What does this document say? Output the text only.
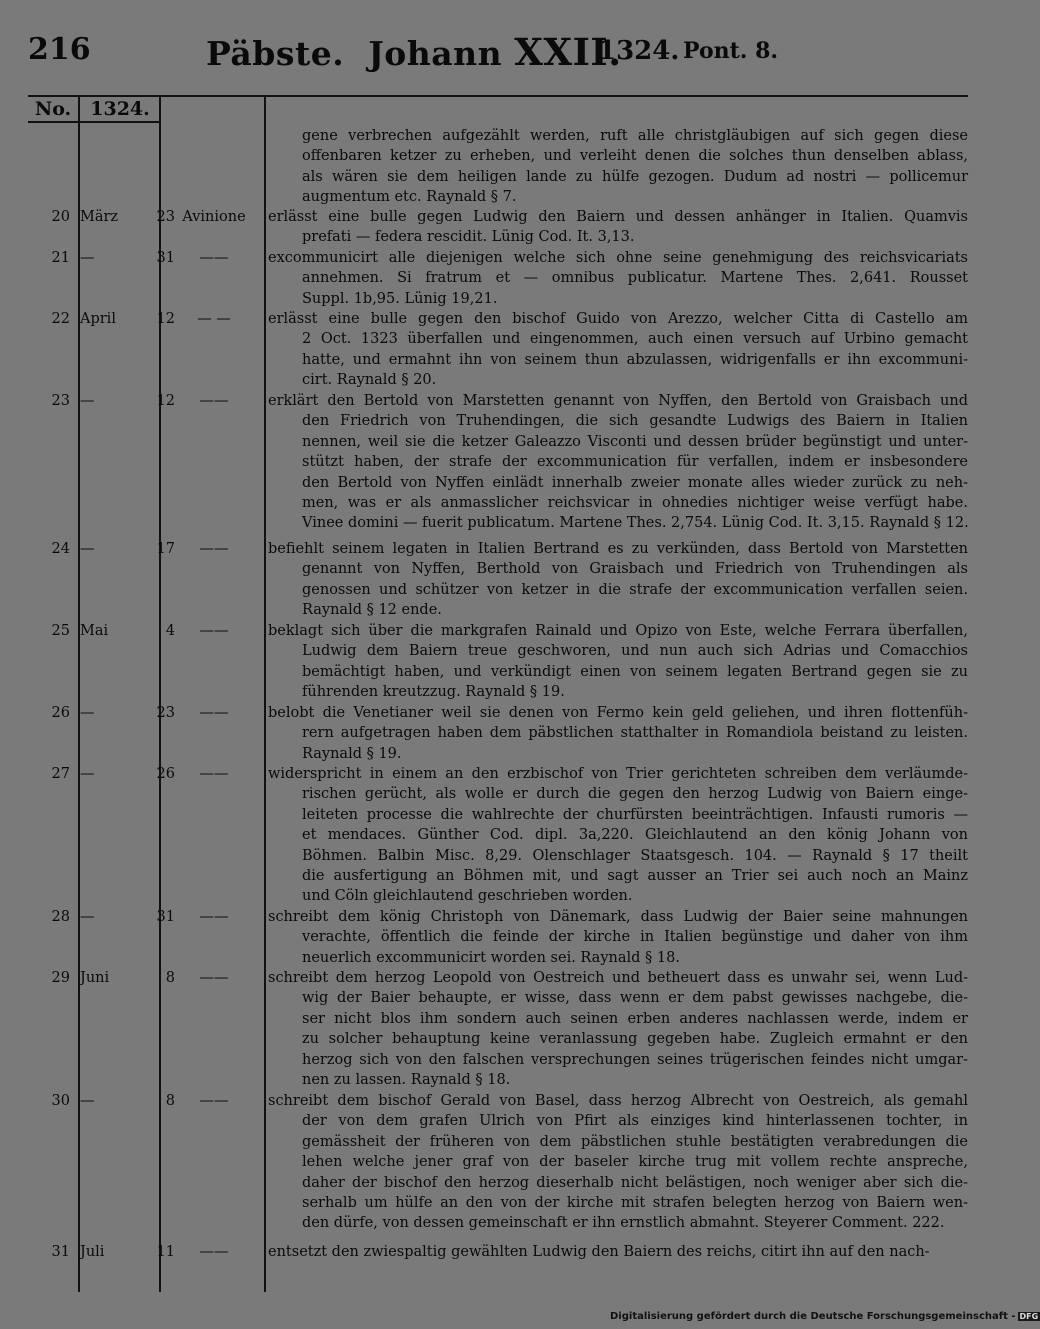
216	Päbste. Johann XXII.
1324. Pont. 8.
No.	1324.
gene verbrechen aufgezählt werden, ruft alle christgläubigen auf sich gegen diese
offenbaren ketzer zu erheben, und verleiht denen die solches thun denselben ablass,
als wären sie dem heiligen lande zu hülfe gezogen. Dudum ad nostri — pollicemur
augmentum etc. Raynald § 7.
20 März	23 Avinione	erlässt eine bulle gegen Ludwig den Baiern und dessen anhänger in Italien. Quamvis
prefati — federa rescidit. Lünig Cod. It. 3,13.
21 —	31	——	excommunicirt alle diejenigen welche sich ohne seine genehmigung des reichsvicariats
annehmen. Si fratrum et — omnibus publicatur. Martene Thes. 2,641. Rousset
Suppl. 1b,95. Lünig 19,21.
22 April	12	— —	erlässt eine bulle gegen den bischof Guido von Arezzo, welcher Citta di Castello am
2 Oct. 1323 überfallen und eingenommen, auch einen versuch auf Urbino gemacht
hatte, und ermahnt ihn von seinem thun abzulassen, widrigenfalls er ihn excommuni-
cirt. Raynald § 20.
23 —	12	——	erklärt den Bertold von Marstetten genannt von Nyffen, den Bertold von Graisbach und
den Friedrich von Truhendingen, die sich gesandte Ludwigs des Baiern in Italien
nennen, weil sie die ketzer Galeazzo Visconti und dessen brüder begünstigt und unter-
stützt haben, der strafe der excommunication für verfallen, indem er insbesondere
den Bertold von Nyffen einlädt innerhalb zweier monate alles wieder zurück zu neh-
men, was er als anmasslicher reichsvicar in ohnedies nichtiger weise verfügt habe.
Vinee domini — fuerit publicatum. Martene Thes. 2,754. Lünig Cod. It. 3,15. Raynald § 12.
24 —	17	——	befiehlt seinem legaten in Italien Bertrand es zu verkünden, dass Bertold von Marstetten
genannt von Nyffen, Berthold von Graisbach und Friedrich von Truhendingen als
genossen und schützer von ketzer in die strafe der excommunication verfallen seien.
Raynald § 12 ende.
25 Mai	4	——	beklagt sich über die markgrafen Rainald und Opizo von Este, welche Ferrara überfallen,
Ludwig dem Baiern treue geschworen, und nun auch sich Adrias und Comacchios
bemächtigt haben, und verkündigt einen von seinem legaten Bertrand gegen sie zu
führenden kreutzzug. Raynald § 19.
26 —	23	——	belobt die Venetianer weil sie denen von Fermo kein geld geliehen, und ihren flottenfüh-
rern aufgetragen haben dem päbstlichen statthalter in Romandiola beistand zu leisten.
Raynald § 19.
27 —	26	——	widerspricht in einem an den erzbischof von Trier gerichteten schreiben dem verläumde-
rischen gerücht, als wolle er durch die gegen den herzog Ludwig von Baiern einge-
leiteten processe die wahlrechte der churfürsten beeinträchtigen. Infausti rumoris —
et mendaces. Günther Cod. dipl. 3a,220. Gleichlautend an den könig Johann von
Böhmen. Balbin Misc. 8,29. Olenschlager Staatsgesch. 104. — Raynald § 17 theilt
die ausfertigung an Böhmen mit, und sagt ausser an Trier sei auch noch an Mainz
und Cöln gleichlautend geschrieben worden.
28 —	31	——	schreibt dem könig Christoph von Dänemark, dass Ludwig der Baier seine mahnungen
verachte, öffentlich die feinde der kirche in Italien begünstige und daher von ihm
neuerlich excommunicirt worden sei. Raynald § 18.
29 Juni	8	——	schreibt dem herzog Leopold von Oestreich und betheuert dass es unwahr sei, wenn Lud-
wig der Baier behaupte, er wisse, dass wenn er dem pabst gewisses nachgebe, die-
ser nicht blos ihm sondern auch seinen erben anderes nachlassen werde, indem er
zu solcher behauptung keine veranlassung gegeben habe. Zugleich ermahnt er den
herzog sich von den falschen versprechungen seines trügerischen feindes nicht umgar-
nen zu lassen. Raynald § 18.
30 —	8	——	schreibt dem bischof Gerald von Basel, dass herzog Albrecht von Oestreich, als gemahl
der von dem grafen Ulrich von Pfirt als einziges kind hinterlassenen tochter, in
gemässheit der früheren von dem päbstlichen stuhle bestätigten verabredungen die
lehen welche jener graf von der baseler kirche trug mit vollem rechte anspreche,
daher der bischof den herzog dieserhalb nicht belästigen, noch weniger aber sich die-
serhalb um hülfe an den von der kirche mit strafen belegten herzog von Baiern wen-
den dürfe, von dessen gemeinschaft er ihn ernstlich abmahnt. Steyerer Comment. 222.
31 Juli	11	——	entsetzt den zwiespaltig gewählten Ludwig den Baiern des reichs, citirt ihn auf den nach-
Digitalisierung gefördert durch die Deutsche Forschungsgemeinschaft - DFG
